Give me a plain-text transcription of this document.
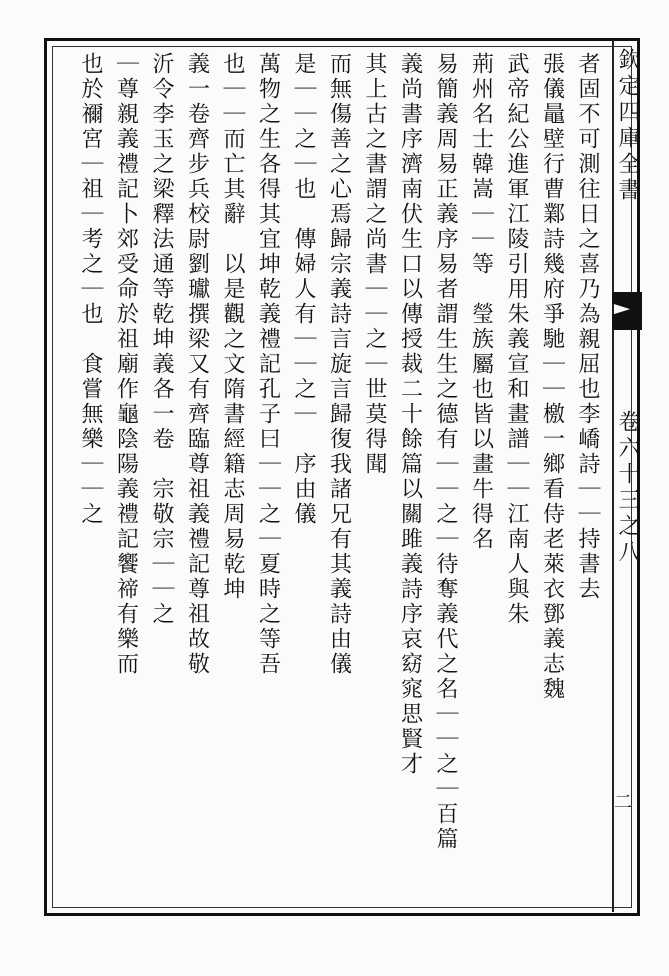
欽定四庫全書
卷六十三之八
二
者固不可測往日之喜乃為親屈也李嶠詩｜｜持書去
張儀鼂壁行曹鄴詩幾府爭馳｜｜檄一鄉看侍老萊衣鄧義志魏
武帝紀公進軍江陵引用朱義宣和畫譜｜｜江南人與朱
荊州名士韓嵩｜｜等　瑩族屬也皆以畫牛得名
易簡義周易正義序易者謂生生之德有｜｜之｜待奪義代之名｜｜之｜百篇
義尚書序濟南伏生口以傳授裁二十餘篇以關雎義詩序哀窈窕思賢才
其上古之書謂之尚書｜｜之｜世莫得聞
而無傷善之心焉歸宗義詩言旋言歸復我諸兄有其義詩由儀
是｜｜之｜也　傳婦人有｜｜之｜　序由儀
萬物之生各得其宜坤乾義禮記孔子曰｜｜之｜夏時之等吾
也｜｜而亡其辭　以是觀之文隋書經籍志周易乾坤
義一卷齊步兵校尉劉瓛撰梁又有齊臨尊祖義禮記尊祖故敬
沂令李玉之梁釋法通等乾坤義各一卷　宗敬宗｜｜之
｜尊親義禮記卜郊受命於祖廟作龜陰陽義禮記饗禘有樂而
也於禰宮｜祖｜考之｜也　食嘗無樂｜｜之
